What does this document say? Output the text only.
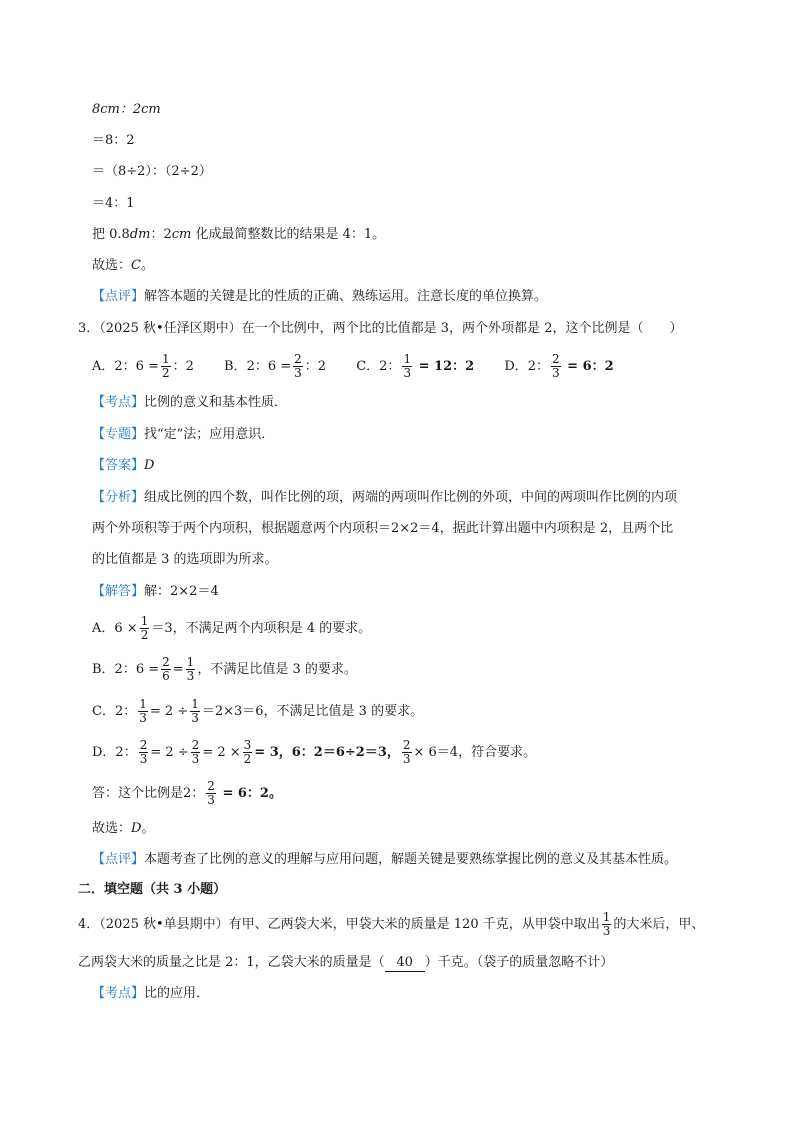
8cm：2cm
＝8：2
＝（8÷2）：（2÷2）
＝4：1
把 0.8dm：2cm 化成最简整数比的结果是 4：1。
故选：C。
【点评】解答本题的关键是比的性质的正确、熟练运用。注意长度的单位换算。
3．（2025 秋•任泽区期中）在一个比例中，两个比的比值都是 3，两个外项都是 2，这个比例是（　　）
A．2：$6 = \frac{1}{2}$ ：2 B．2：$6 = \frac{2}{3}$ ：2 C．2： $\frac{1}{3} = 12$：2 D．2： $\frac{2}{3} = 6$：2
【考点】比例的意义和基本性质．
【专题】找“定”法；应用意识．
【答案】D
【分析】组成比例的四个数，叫作比例的项，两端的两项叫作比例的外项，中间的两项叫作比例的内项
两个外项积等于两个内项积，根据题意两个内项积＝2×2＝4，据此计算出题中内项积是 2，且两个比
的比值都是 3 的选项即为所求。
【解答】解：2×2＝4
A．$6 \times \frac{1}{2} =3$，不满足两个内项积是 4 的要求。
B．2：$6 = \frac{2}{6} = \frac{1}{3}$ ，不满足比值是 3 的要求。
C．2： $\frac{1}{3} = 2 \div \frac{1}{3} =2\times 3=6$，不满足比值是 3 的要求。
D．2： $\frac{2}{3} = 2 \div \frac{2}{3} = 2 \times \frac{3}{2} = 3$，6：2＝6÷2＝3， $\frac{2}{3} \times 6=4$，符合要求。
答：这个比例是2： $\frac{2}{3} = 6$：2。
故选：D。
【点评】本题考查了比例的意义的理解与应用问题，解题关键是要熟练掌握比例的意义及其基本性质。
二．填空题（共 3 小题）
4．（2025 秋•单县期中）有甲、乙两袋大米，甲袋大米的质量是 120 千克，从甲袋中取出 $\frac{1}{3}$ 的大米后，甲、
乙两袋大米的质量之比是 2：1，乙袋大米的质量是（ 40 ）千克。（袋子的质量忽略不计）
【考点】比的应用．
